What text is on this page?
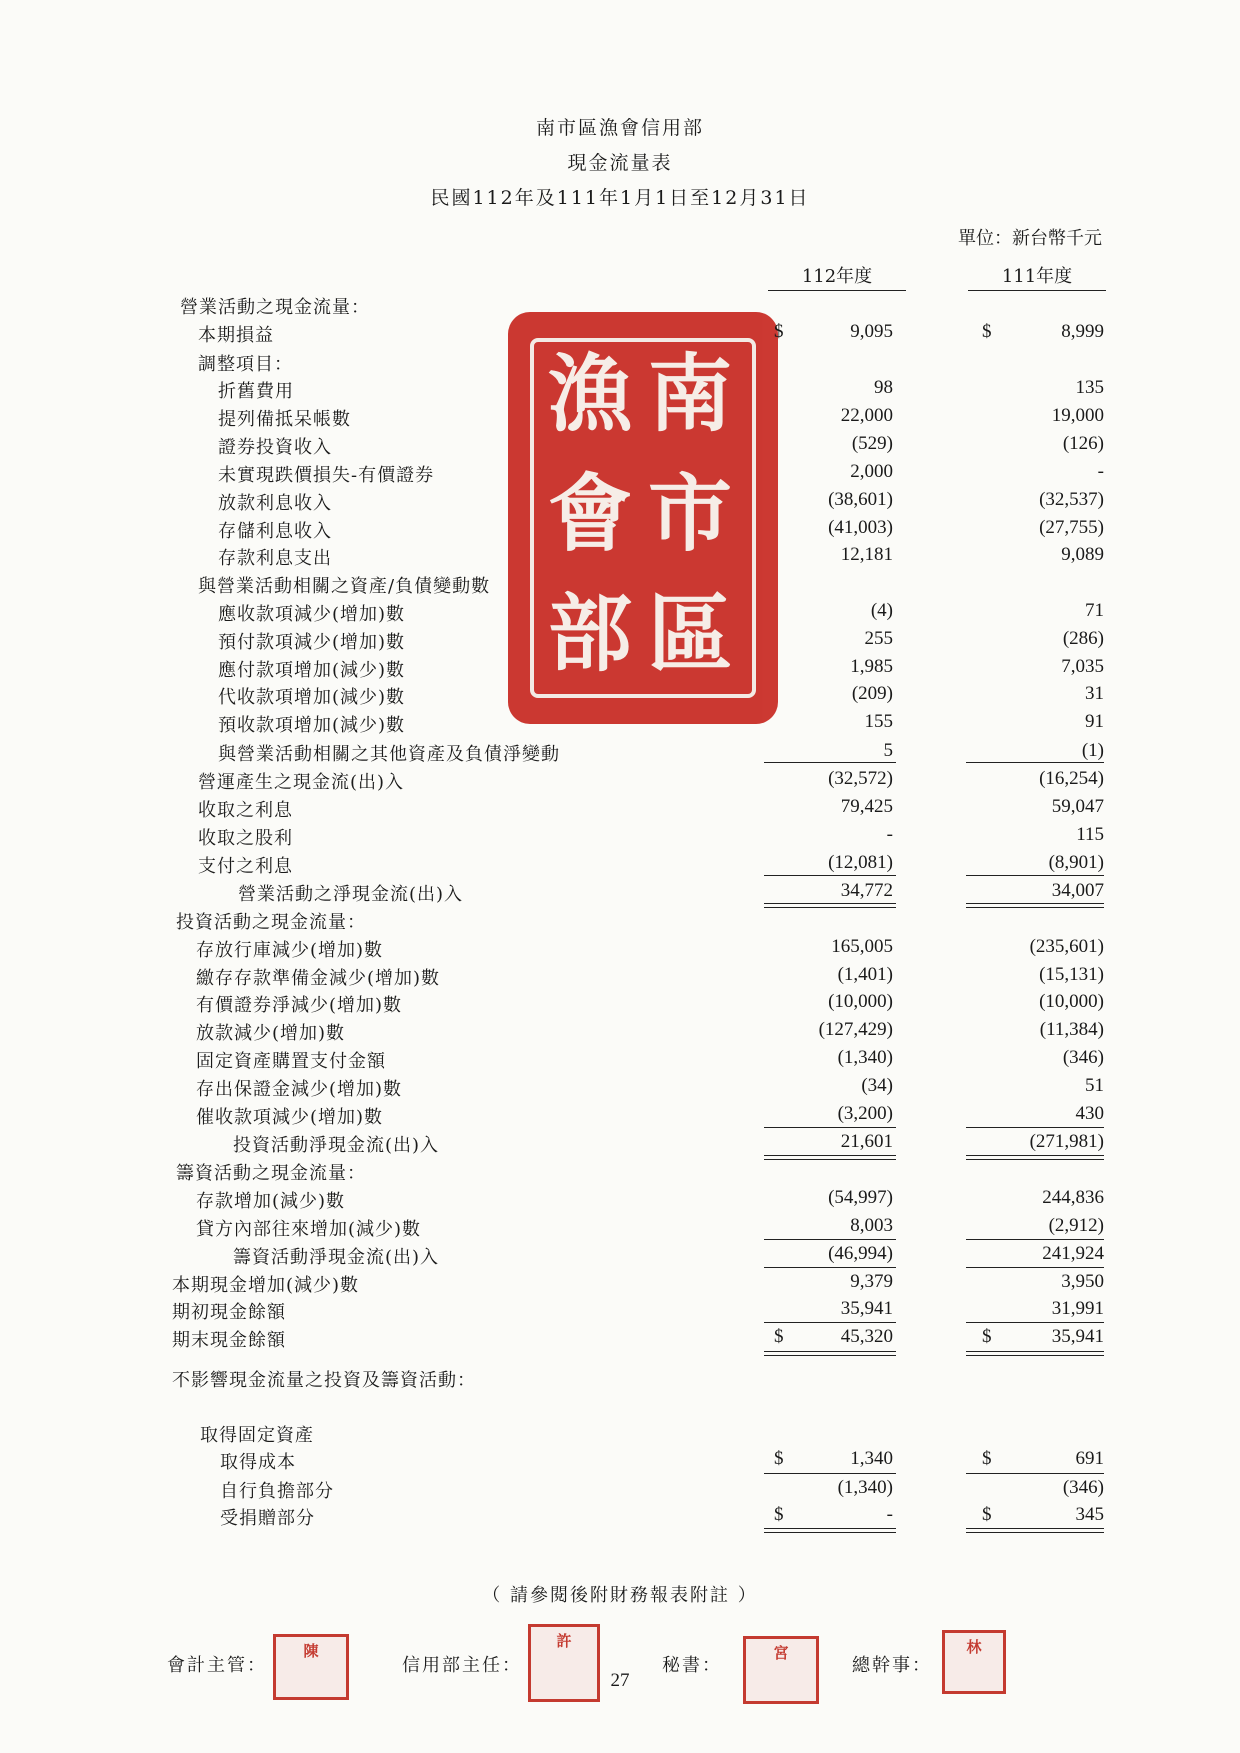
南市區漁會信用部
現金流量表
民國112年及111年1月1日至12月31日
單位：新台幣千元
112年度	111年度
南
漁
市
會
區
部
營業活動之現金流量：
本期損益	9,095	8,999
$	$
調整項目：
折舊費用	98	135
提列備抵呆帳數	22,000	19,000
證券投資收入	(529)	(126)
未實現跌價損失-有價證券	2,000	-
放款利息收入	(38,601)	(32,537)
存儲利息收入	(41,003)	(27,755)
存款利息支出	12,181	9,089
與營業活動相關之資產/負債變動數
應收款項減少(增加)數	(4)	71
預付款項減少(增加)數	255	(286)
應付款項增加(減少)數	1,985	7,035
代收款項增加(減少)數	(209)	31
預收款項增加(減少)數	155	91
與營業活動相關之其他資產及負債淨變動	5	(1)
營運產生之現金流(出)入	(32,572)	(16,254)
收取之利息	79,425	59,047
收取之股利	-	115
支付之利息	(12,081)	(8,901)
營業活動之淨現金流(出)入	34,772	34,007
投資活動之現金流量：
存放行庫減少(增加)數	165,005	(235,601)
繳存存款準備金減少(增加)數	(1,401)	(15,131)
有價證券淨減少(增加)數	(10,000)	(10,000)
放款減少(增加)數	(127,429)	(11,384)
固定資產購置支付金額	(1,340)	(346)
存出保證金減少(增加)數	(34)	51
催收款項減少(增加)數	(3,200)	430
投資活動淨現金流(出)入	21,601	(271,981)
籌資活動之現金流量：
存款增加(減少)數	(54,997)	244,836
貸方內部往來增加(減少)數	8,003	(2,912)
籌資活動淨現金流(出)入	(46,994)	241,924
本期現金增加(減少)數	9,379	3,950
期初現金餘額	35,941	31,991
期末現金餘額	45,320	35,941
$	$
不影響現金流量之投資及籌資活動：
取得固定資產
取得成本	1,340	691
$	$
自行負擔部分	(1,340)	(346)
受捐贈部分	-	345
$	$
（ 請參閱後附財務報表附註 ）
會計主管：
陳
信用部主任：
許
秘書：
宮
總幹事：
林
27
